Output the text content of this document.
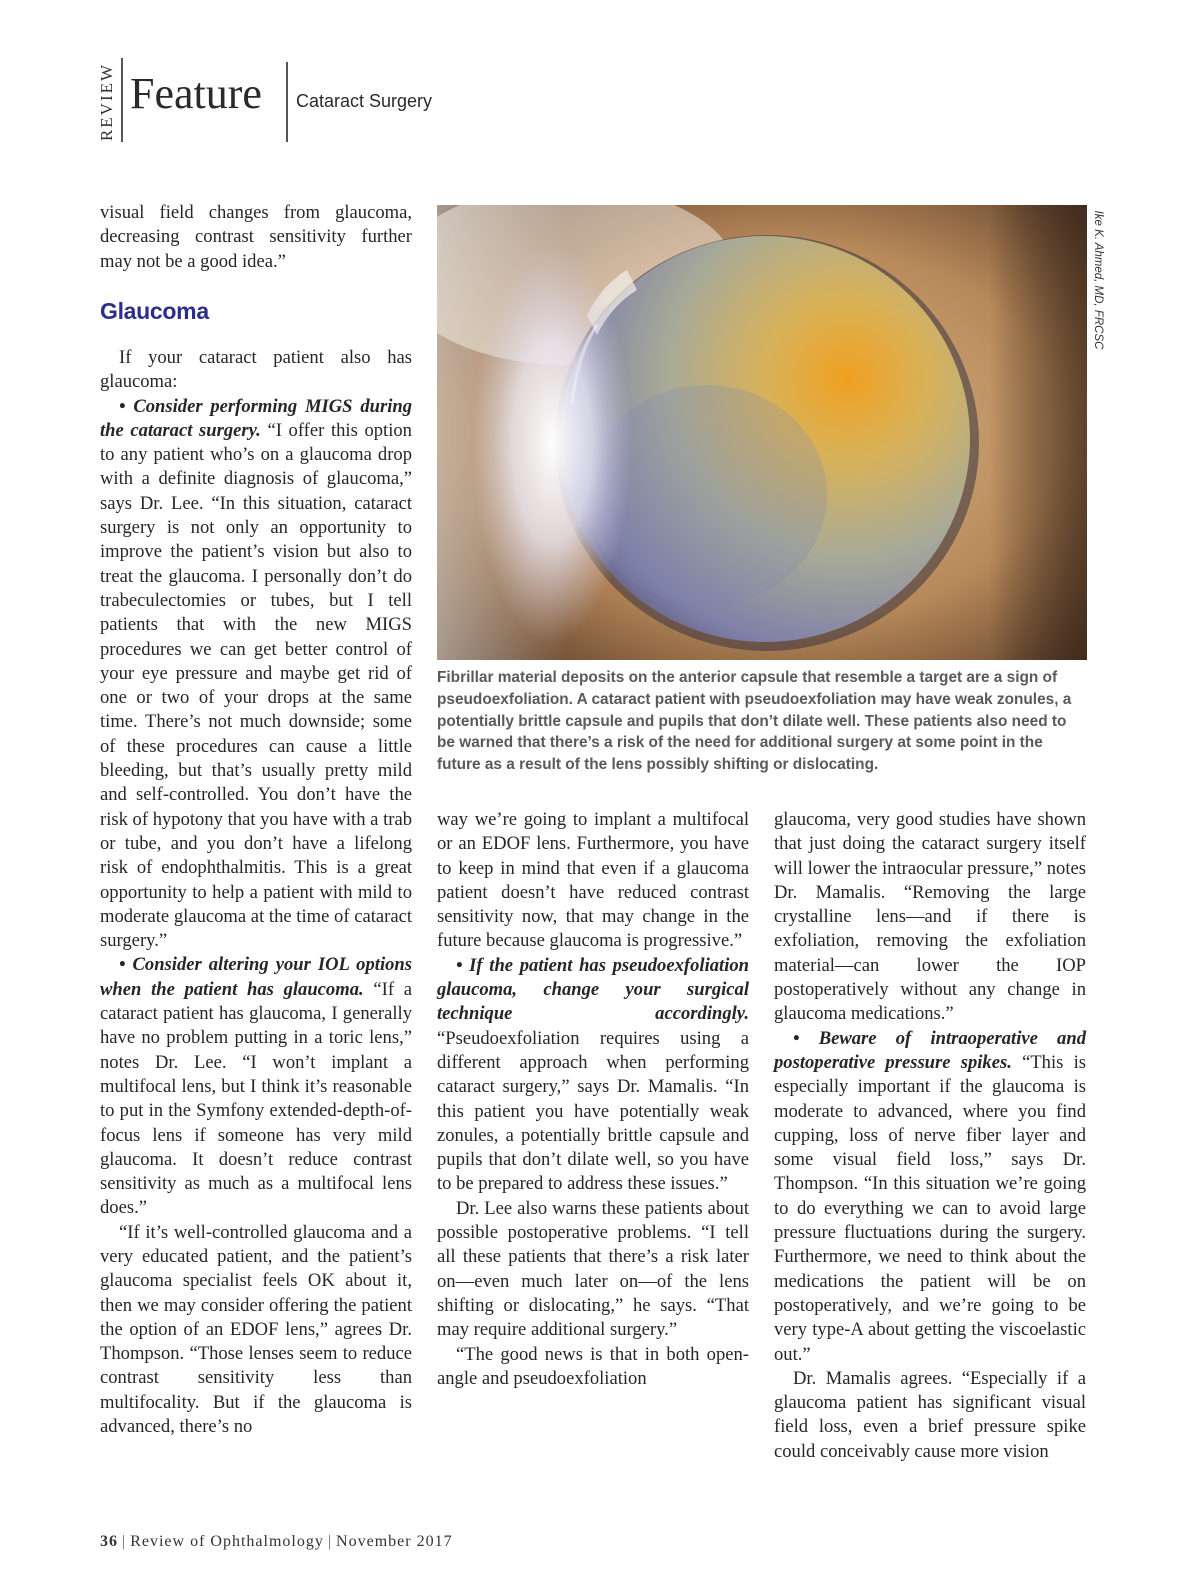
REVIEW Feature Cataract Surgery

visual field changes from glaucoma, decreasing contrast sensitivity further may not be a good idea.”

Glaucoma

If your cataract patient also has glaucoma:

• Consider performing MIGS during the cataract surgery. “I offer this option to any patient who’s on a glaucoma drop with a definite diagnosis of glaucoma,” says Dr. Lee. “In this situation, cataract surgery is not only an opportunity to improve the patient’s vision but also to treat the glaucoma. I personally don’t do trabeculectomies or tubes, but I tell patients that with the new MIGS procedures we can get better control of your eye pressure and maybe get rid of one or two of your drops at the same time. There’s not much downside; some of these procedures can cause a little bleeding, but that’s usually pretty mild and self-controlled. You don’t have the risk of hypotony that you have with a trab or tube, and you don’t have a lifelong risk of endophthalmitis. This is a great opportunity to help a patient with mild to moderate glaucoma at the time of cataract surgery.”

• Consider altering your IOL options when the patient has glaucoma. “If a cataract patient has glaucoma, I generally have no problem putting in a toric lens,” notes Dr. Lee. “I won’t implant a multifocal lens, but I think it’s reasonable to put in the Symfony extended-depth-of-focus lens if someone has very mild glaucoma. It doesn’t reduce contrast sensitivity as much as a multifocal lens does.”

“If it’s well-controlled glaucoma and a very educated patient, and the patient’s glaucoma specialist feels OK about it, then we may consider offering the patient the option of an EDOF lens,” agrees Dr. Thompson. “Those lenses seem to reduce contrast sensitivity less than multifocality. But if the glaucoma is advanced, there’s no

Ike K. Ahmed, MD, FRCSC
Fibrillar material deposits on the anterior capsule that resemble a target are a sign of pseudoexfoliation. A cataract patient with pseudoexfoliation may have weak zonules, a potentially brittle capsule and pupils that don’t dilate well. These patients also need to be warned that there’s a risk of the need for additional surgery at some point in the future as a result of the lens possibly shifting or dislocating.

way we’re going to implant a multifocal or an EDOF lens. Furthermore, you have to keep in mind that even if a glaucoma patient doesn’t have reduced contrast sensitivity now, that may change in the future because glaucoma is progressive.”

• If the patient has pseudoexfoliation glaucoma, change your surgical technique accordingly. “Pseudoexfoliation requires using a different approach when performing cataract surgery,” says Dr. Mamalis. “In this patient you have potentially weak zonules, a potentially brittle capsule and pupils that don’t dilate well, so you have to be prepared to address these issues.”

Dr. Lee also warns these patients about possible postoperative problems. “I tell all these patients that there’s a risk later on—even much later on—of the lens shifting or dislocating,” he says. “That may require additional surgery.”

“The good news is that in both open-angle and pseudoexfoliation

glaucoma, very good studies have shown that just doing the cataract surgery itself will lower the intraocular pressure,” notes Dr. Mamalis. “Removing the large crystalline lens—and if there is exfoliation, removing the exfoliation material—can lower the IOP postoperatively without any change in glaucoma medications.”

• Beware of intraoperative and postoperative pressure spikes. “This is especially important if the glaucoma is moderate to advanced, where you find cupping, loss of nerve fiber layer and some visual field loss,” says Dr. Thompson. “In this situation we’re going to do everything we can to avoid large pressure fluctuations during the surgery. Furthermore, we need to think about the medications the patient will be on postoperatively, and we’re going to be very type-A about getting the viscoelastic out.”

Dr. Mamalis agrees. “Especially if a glaucoma patient has significant visual field loss, even a brief pressure spike could conceivably cause more vision

36 | Review of Ophthalmology | November 2017
